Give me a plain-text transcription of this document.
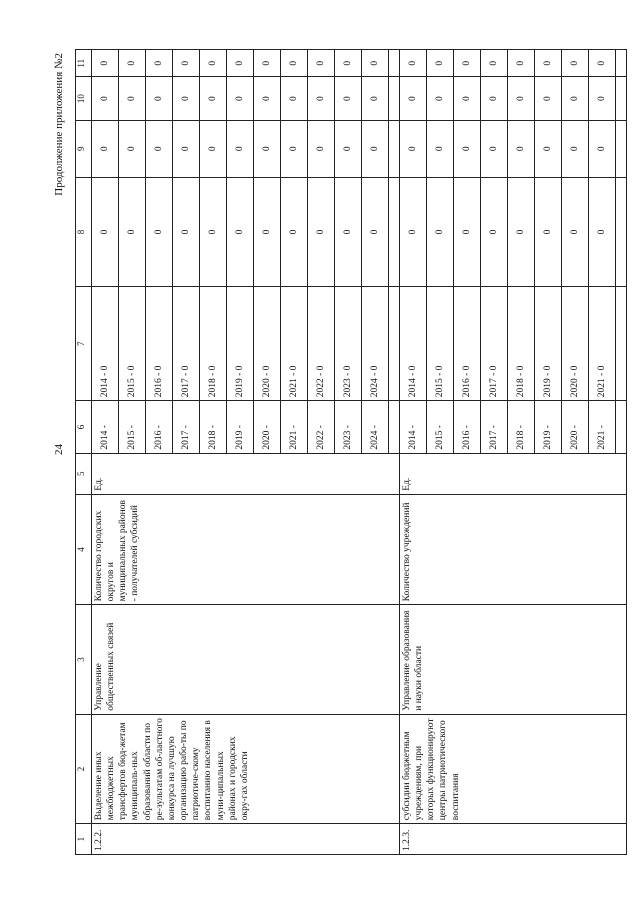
24
Продолжение приложения №2
1	2	3	4	5	6	7	8	9	10	11
1.2.2.	Выделение иных межбюджетных трансфертов бюд-жетам муниципаль-ных образований области по ре-зультатам об-ластного конкурса на лучшую организацию рабо-ты по патриотиче-скому воспитанию населения в муни-ципальных районах и городских окру-гах области	Управление общественных связей	Количество городских округов и муниципальных районов - получателей субсидий	Ед.	2014 -	2014 - 0	0	0	0	0
					2015 -	2015 - 0	0	0	0	0
					2016 -	2016 - 0	0	0	0	0
					2017 -	2017 - 0	0	0	0	0
					2018 -	2018 - 0	0	0	0	0
					2019 -	2019 - 0	0	0	0	0
					2020 -	2020 - 0	0	0	0	0
					2021 -	2021 - 0	0	0	0	0
					2022 -	2022 - 0	0	0	0	0
					2023 -	2023 - 0	0	0	0	0
					2024 -	2024 - 0	0	0	0	0

1.2.3.	субсидии бюджетным учреждениям, при которых функционируют центры патриотического воспитания	Управление образования и науки области	Количество учреждений	Ед.	2014 -	2014 - 0	0	0	0	0
					2015 -	2015 - 0	0	0	0	0
					2016 -	2016 - 0	0	0	0	0
					2017 -	2017 - 0	0	0	0	0
					2018 -	2018 - 0	0	0	0	0
					2019 -	2019 - 0	0	0	0	0
					2020 -	2020 - 0	0	0	0	0
					2021 -	2021 - 0	0	0	0	0
